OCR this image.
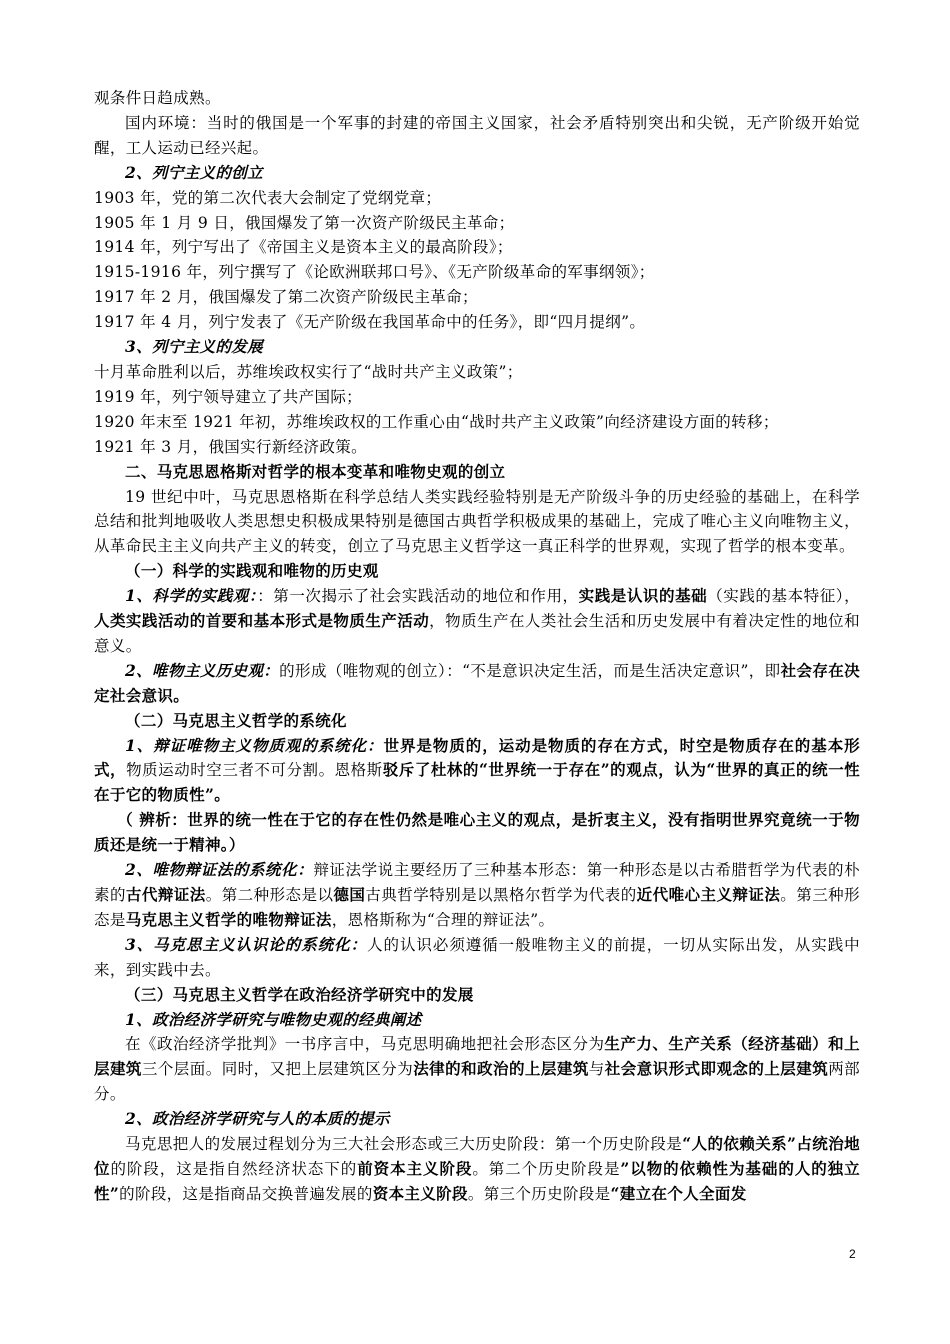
观条件日趋成熟。

国内环境：当时的俄国是一个军事的封建的帝国主义国家，社会矛盾特别突出和尖锐，无产阶级开始觉醒，工人运动已经兴起。

2、列宁主义的创立

1903 年，党的第二次代表大会制定了党纲党章；

1905 年 1 月 9 日，俄国爆发了第一次资产阶级民主革命；

1914 年，列宁写出了《帝国主义是资本主义的最高阶段》；

1915-1916 年，列宁撰写了《论欧洲联邦口号》、《无产阶级革命的军事纲领》；

1917 年 2 月，俄国爆发了第二次资产阶级民主革命；

1917 年 4 月，列宁发表了《无产阶级在我国革命中的任务》，即“四月提纲”。

3、列宁主义的发展

十月革命胜利以后，苏维埃政权实行了“战时共产主义政策”；

1919 年，列宁领导建立了共产国际；

1920 年末至 1921 年初，苏维埃政权的工作重心由“战时共产主义政策”向经济建设方面的转移；

1921 年 3 月，俄国实行新经济政策。

二、马克思恩格斯对哲学的根本变革和唯物史观的创立

19 世纪中叶，马克思恩格斯在科学总结人类实践经验特别是无产阶级斗争的历史经验的基础上，在科学总结和批判地吸收人类思想史积极成果特别是德国古典哲学积极成果的基础上，完成了唯心主义向唯物主义，从革命民主主义向共产主义的转变，创立了马克思主义哲学这一真正科学的世界观，实现了哲学的根本变革。

（一）科学的实践观和唯物的历史观

1、科学的实践观：：第一次揭示了社会实践活动的地位和作用，实践是认识的基础（实践的基本特征），人类实践活动的首要和基本形式是物质生产活动，物质生产在人类社会生活和历史发展中有着决定性的地位和意义。

2、唯物主义历史观：的形成（唯物观的创立）：“不是意识决定生活，而是生活决定意识”，即社会存在决定社会意识。

（二）马克思主义哲学的系统化

1、辩证唯物主义物质观的系统化：世界是物质的，运动是物质的存在方式，时空是物质存在的基本形式，物质运动时空三者不可分割。恩格斯驳斥了杜林的“世界统一于存在”的观点，认为“世界的真正的统一性在于它的物质性”。

（ 辨析：世界的统一性在于它的存在性仍然是唯心主义的观点，是折衷主义，没有指明世界究竟统一于物质还是统一于精神。）

2、唯物辩证法的系统化：辩证法学说主要经历了三种基本形态：第一种形态是以古希腊哲学为代表的朴素的古代辩证法。第二种形态是以德国古典哲学特别是以黑格尔哲学为代表的近代唯心主义辩证法。第三种形态是马克思主义哲学的唯物辩证法，恩格斯称为“合理的辩证法”。

3、马克思主义认识论的系统化：人的认识必须遵循一般唯物主义的前提，一切从实际出发，从实践中来，到实践中去。

（三）马克思主义哲学在政治经济学研究中的发展

1、政治经济学研究与唯物史观的经典阐述

在《政治经济学批判》一书序言中，马克思明确地把社会形态区分为生产力、生产关系（经济基础）和上层建筑三个层面。同时，又把上层建筑区分为法律的和政治的上层建筑与社会意识形式即观念的上层建筑两部分。

2、政治经济学研究与人的本质的提示

马克思把人的发展过程划分为三大社会形态或三大历史阶段：第一个历史阶段是“人的依赖关系”占统治地位的阶段，这是指自然经济状态下的前资本主义阶段。第二个历史阶段是”以物的依赖性为基础的人的独立性”的阶段，这是指商品交换普遍发展的资本主义阶段。第三个历史阶段是“建立在个人全面发

2
